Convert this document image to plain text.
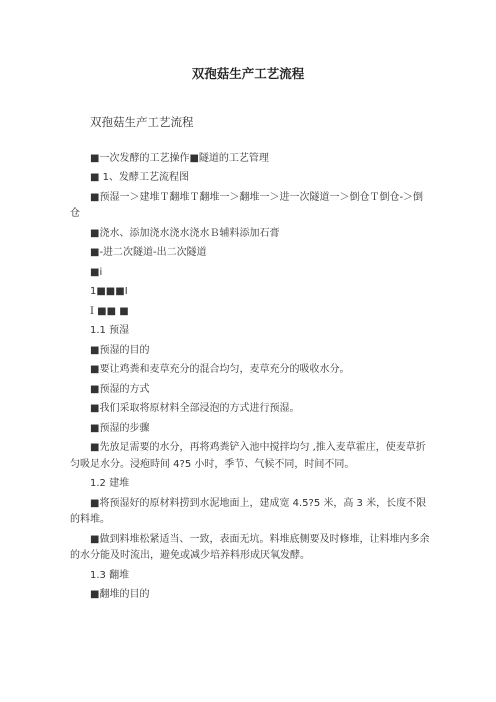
双孢菇生产工艺流程

双孢菇生产工艺流程

■一次发酵的工艺操作■隧道的工艺管理

■ 1、发酵工艺流程图

■预湿一＞建堆Ｔ翻堆Ｔ翻堆一＞翻堆一＞进一次隧道一＞倒仓Ｔ倒仓-＞倒仓

■浇水、添加浇水浇水浇水Ｂ辅料添加石膏

■-进二次隧道-出二次隧道

■i

1■■■I

I ■■ ■

1.1 预湿

■预湿的目的

■要让鸡粪和麦草充分的混合均匀，麦草充分的吸收水分。

■预湿的方式

■我们采取将原材料全部浸泡的方式进行预湿。

■预湿的步骤

■先放足需要的水分，再将鸡粪铲入池中搅拌均匀 ,推入麦草霍庄，使麦草折匀吸足水分。浸疱時间 4?5 小时，季节、气候不同，时间不同。

1.2 建堆

■将预湿好的原材料捞到水泥地面上，建成宽 4.5?5 米，高 3 米，长度不限的料堆。

■做到料堆松紧适当、一致，表面无坑。料堆底侧要及时修堆，让料堆内多余的水分能及时流出，避免或减少培养料形成厌氧发酵。

1.3 翻堆

■翻堆的目的
